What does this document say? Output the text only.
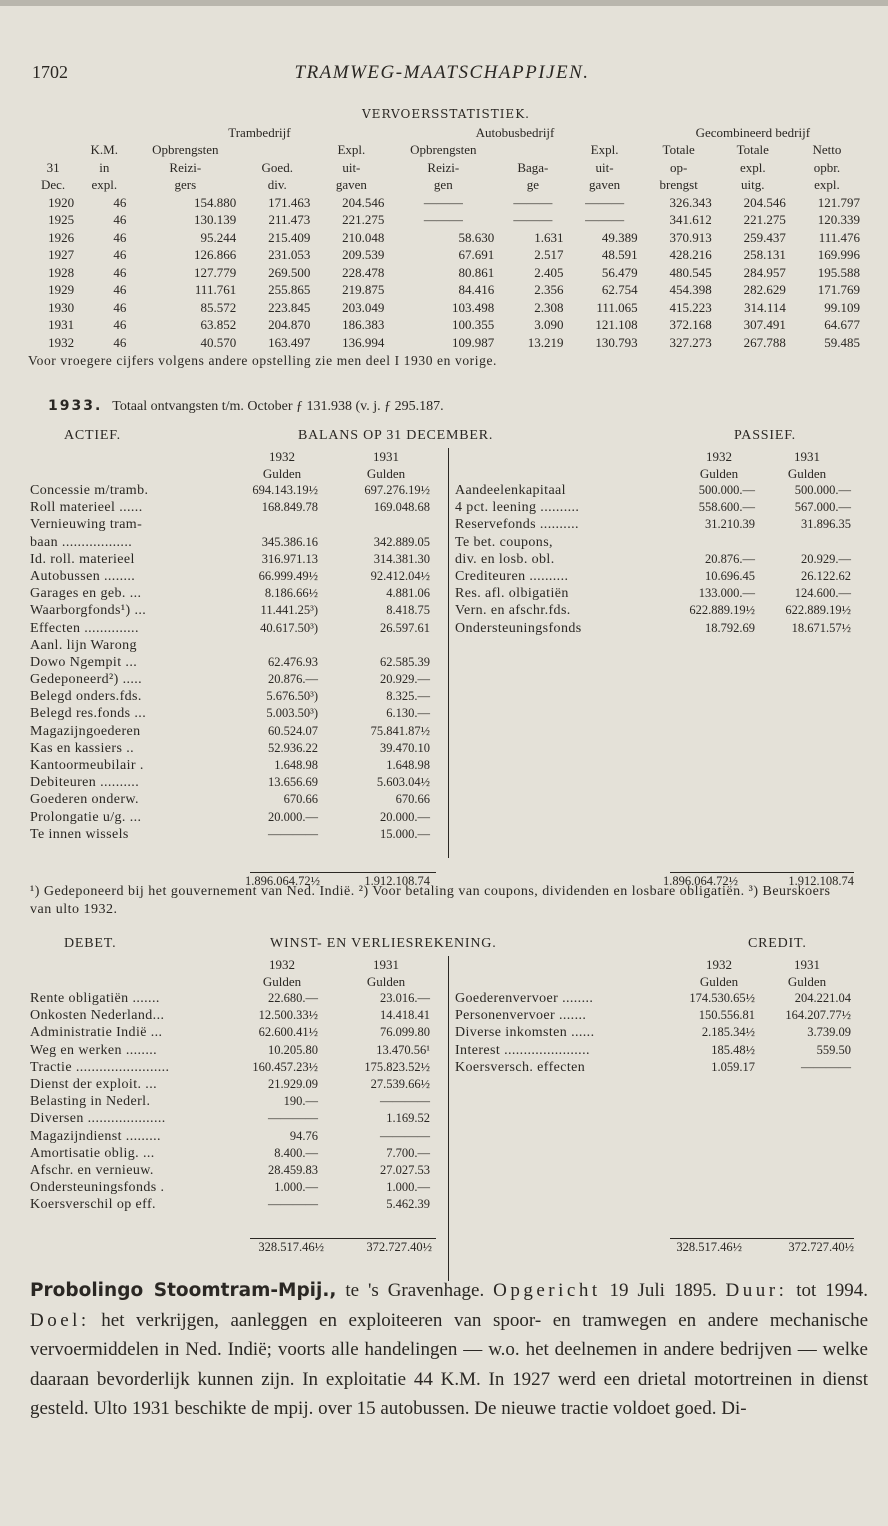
1702	TRAMWEG-MAATSCHAPPIJEN.
VERVOERSSTATISTIEK.
		Trambedrijf			Autobusbedrijf			Gecombineerd bedrijf		
	K.M.	Opbrengsten		Expl.	Opbrengsten		Expl.	Totale	Totale	Netto
31	in	Reizi-	Goed.	uit-	Reizi-	Baga-	uit-	op-	expl.	opbr.
Dec.	expl.	gers	div.	gaven	gen	ge	gaven	brengst	uitg.	expl.
1920	46	154.880	171.463	204.546	———	———	———	326.343	204.546	121.797
1925	46	130.139	211.473	221.275	———	———	———	341.612	221.275	120.339
1926	46	95.244	215.409	210.048	58.630	1.631	49.389	370.913	259.437	111.476
1927	46	126.866	231.053	209.539	67.691	2.517	48.591	428.216	258.131	169.996
1928	46	127.779	269.500	228.478	80.861	2.405	56.479	480.545	284.957	195.588
1929	46	111.761	255.865	219.875	84.416	2.356	62.754	454.398	282.629	171.769
1930	46	85.572	223.845	203.049	103.498	2.308	111.065	415.223	314.114	99.109
1931	46	63.852	204.870	186.383	100.355	3.090	121.108	372.168	307.491	64.677
1932	46	40.570	163.497	136.994	109.987	13.219	130.793	327.273	267.788	59.485
Voor vroegere cijfers volgens andere opstelling zie men deel I 1930 en vorige.
1933. Totaal ontvangsten t/m. October ƒ 131.938 (v. j. ƒ 295.187.
ACTIEF.	BALANS OP 31 DECEMBER.	PASSIEF.
1932
Gulden
1931
Gulden
Concessie m/tramb.	694.143.19½	697.276.19½
Roll materieel ......	168.849.78	169.048.68
Vernieuwing tram-
baan ..................	345.386.16	342.889.05
Id. roll. materieel	316.971.13	314.381.30
Autobussen ........	66.999.49½	92.412.04½
Garages en geb. ...	8.186.66½	4.881.06
Waarborgfonds¹) ...	11.441.25³)	8.418.75
Effecten ..............	40.617.50³)	26.597.61
Aanl. lijn Warong
Dowo Ngempit ...	62.476.93	62.585.39
Gedeponeerd²) .....	20.876.—	20.929.—
Belegd onders.fds.	5.676.50³)	8.325.—
Belegd res.fonds ...	5.003.50³)	6.130.—
Magazijngoederen	60.524.07	75.841.87½
Kas en kassiers ..	52.936.22	39.470.10
Kantoormeubilair .	1.648.98	1.648.98
Debiteuren ..........	13.656.69	5.603.04½
Goederen onderw.	670.66	670.66
Prolongatie u/g. ...	20.000.—	20.000.—
Te innen wissels	————	15.000.—
1932
Gulden
1931
Gulden
Aandeelenkapitaal	500.000.—	500.000.—
4 pct. leening ..........	558.600.—	567.000.—
Reservefonds ..........	31.210.39	31.896.35
Te bet. coupons,
div. en losb. obl.	20.876.—	20.929.—
Crediteuren ..........	10.696.45	26.122.62
Res. afl. olbigatiën	133.000.—	124.600.—
Vern. en afschr.fds.	622.889.19½	622.889.19½
Ondersteuningsfonds	18.792.69	18.671.57½
1.896.064.72½	1.912.108.74	1.896.064.72½	1.912.108.74
¹) Gedeponeerd bij het gouvernement van Ned. Indië. ²) Voor betaling van coupons, dividenden en losbare obligatiën. ³) Beurskoers van ulto 1932.
DEBET.	WINST- EN VERLIESREKENING.	CREDIT.
1932
Gulden
1931
Gulden
Rente obligatiën .......	22.680.—	23.016.—
Onkosten Nederland...	12.500.33½	14.418.41
Administratie Indië ...	62.600.41½	76.099.80
Weg en werken ........	10.205.80	13.470.56¹
Tractie ........................	160.457.23½	175.823.52½
Dienst der exploit. ...	21.929.09	27.539.66½
Belasting in Nederl.	190.—	————
Diversen ....................	————	1.169.52
Magazijndienst .........	94.76	————
Amortisatie oblig. ...	8.400.—	7.700.—
Afschr. en vernieuw.	28.459.83	27.027.53
Ondersteuningsfonds .	1.000.—	1.000.—
Koersverschil op eff.	————	5.462.39
1932
Gulden
1931
Gulden
Goederenvervoer ........	174.530.65½	204.221.04
Personenvervoer .......	150.556.81	164.207.77½
Diverse inkomsten ......	2.185.34½	3.739.09
Interest ......................	185.48½	559.50
Koersversch. effecten	1.059.17	————
328.517.46½	372.727.40½	328.517.46½	372.727.40½
Probolingo Stoomtram-Mpij., te 's Gravenhage. Opgericht 19 Juli 1895. Duur: tot 1994. Doel: het verkrijgen, aanleggen en exploiteeren van spoor- en tramwegen en andere mechanische vervoermiddelen in Ned. Indië; voorts alle handelingen — w.o. het deelnemen in andere bedrijven — welke daaraan bevorderlijk kunnen zijn. In exploitatie 44 K.M. In 1927 werd een drietal motortreinen in dienst gesteld. Ulto 1931 beschikte de mpij. over 15 autobussen. De nieuwe tractie voldoet goed. Di-
